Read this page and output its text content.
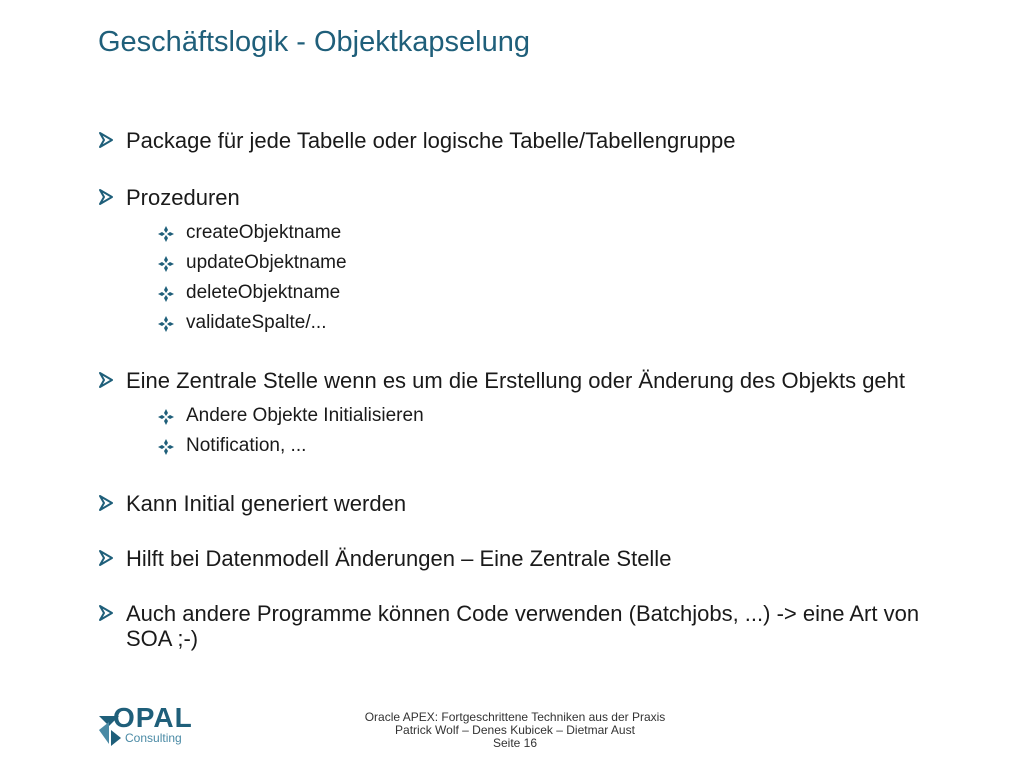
Geschäftslogik - Objektkapselung
Package für jede Tabelle oder logische Tabelle/Tabellengruppe
Prozeduren
createObjektname
updateObjektname
deleteObjektname
validateSpalte/...
Eine Zentrale Stelle wenn es um die Erstellung oder Änderung des Objekts geht
Andere Objekte Initialisieren
Notification, ...
Kann Initial generiert werden
Hilft bei Datenmodell Änderungen – Eine Zentrale Stelle
Auch andere Programme können Code verwenden (Batchjobs, ...) -> eine Art von SOA ;-)
OPAL
Consulting
Oracle APEX: Fortgeschrittene Techniken aus der Praxis
Patrick Wolf – Denes Kubicek – Dietmar Aust
Seite 16
